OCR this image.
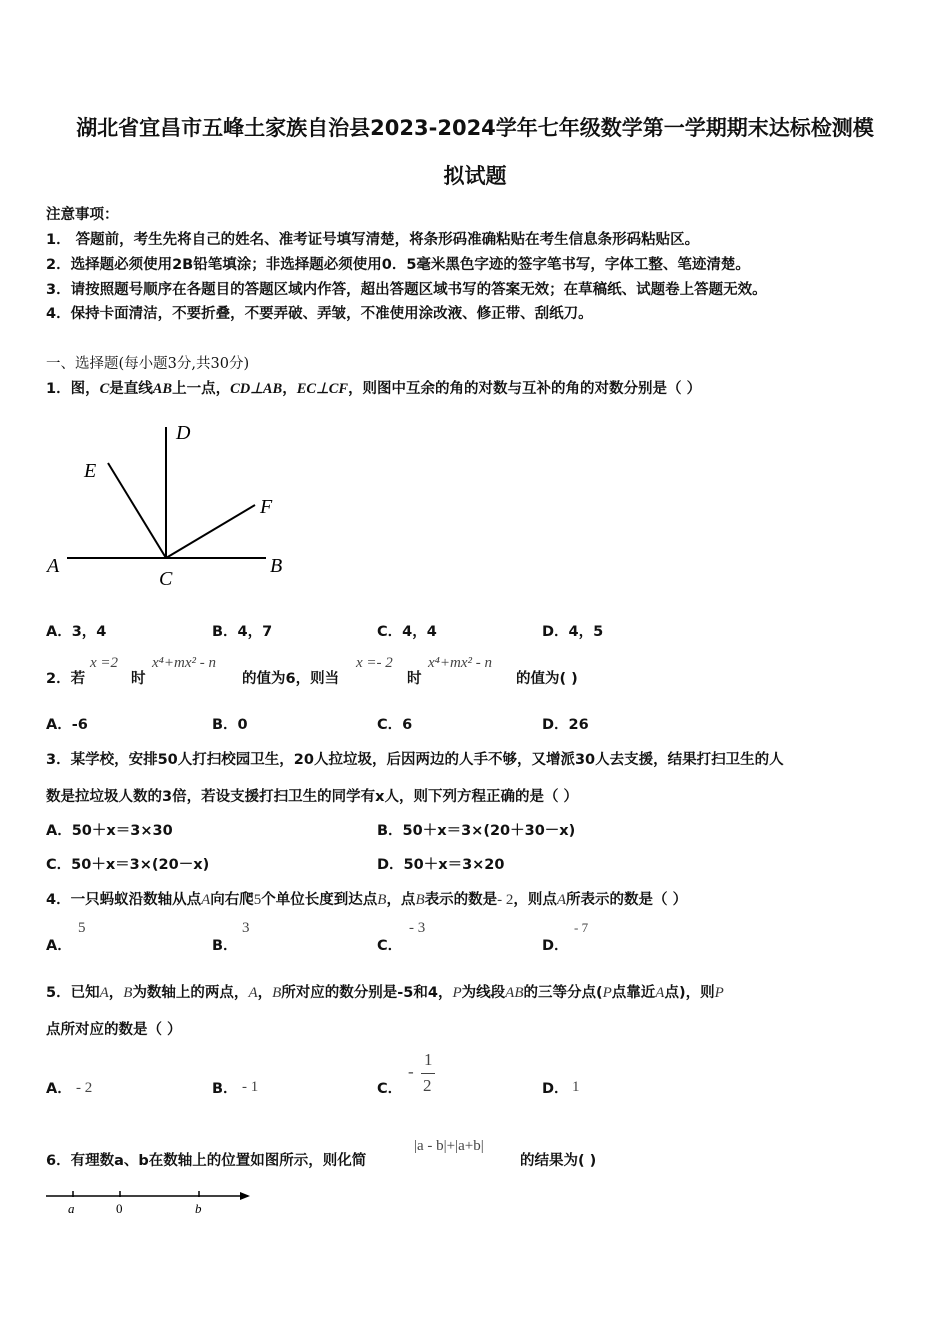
湖北省宜昌市五峰土家族自治县2023-2024学年七年级数学第一学期期末达标检测模
拟试题
注意事项：
1． 答题前，考生先将自己的姓名、准考证号填写清楚，将条形码准确粘贴在考生信息条形码粘贴区。
2．选择题必须使用2B铅笔填涂；非选择题必须使用0．5毫米黑色字迹的签字笔书写，字体工整、笔迹清楚。
3．请按照题号顺序在各题目的答题区域内作答，超出答题区域书写的答案无效；在草稿纸、试题卷上答题无效。
4．保持卡面清洁，不要折叠，不要弄破、弄皱，不准使用涂改液、修正带、刮纸刀。
一、选择题(每小题3分,共30分)
1．图，C是直线AB上一点，CD⊥AB，EC⊥CF，则图中互余的角的对数与互补的角的对数分别是（ ）
D
E
F
A	B
C
A．3，4	B．4，7	C．4，4	D．4，5
2．若
x =2
时
x⁴+mx² - n
的值为6，则当
x =- 2
时
x⁴+mx² - n
的值为( )
A．-6	B．0	C．6	D．26
3．某学校，安排50人打扫校园卫生，20人拉垃圾，后因两边的人手不够，又增派30人去支援，结果打扫卫生的人
数是拉垃圾人数的3倍，若设支援打扫卫生的同学有x人，则下列方程正确的是（ ）
A．50＋x＝3×30	B．50＋x＝3×(20＋30－x)
C．50＋x＝3×(20－x)	D．50＋x＝3×20
4．一只蚂蚁沿数轴从点A向右爬5个单位长度到达点B，点B表示的数是- 2，则点A所表示的数是（ ）
A．
5
B．
3
C．
- 3
D．
- 7
5．已知A，B为数轴上的两点，A，B所对应的数分别是-5和4，P为线段AB的三等分点(P点靠近A点)，则P
点所对应的数是（ ）
A． - 2	B． - 1	C．
-
1
2	D． 1
6．有理数a、b在数轴上的位置如图所示，则化简
|a - b|+|a+b|
的结果为( )
a	0	b
